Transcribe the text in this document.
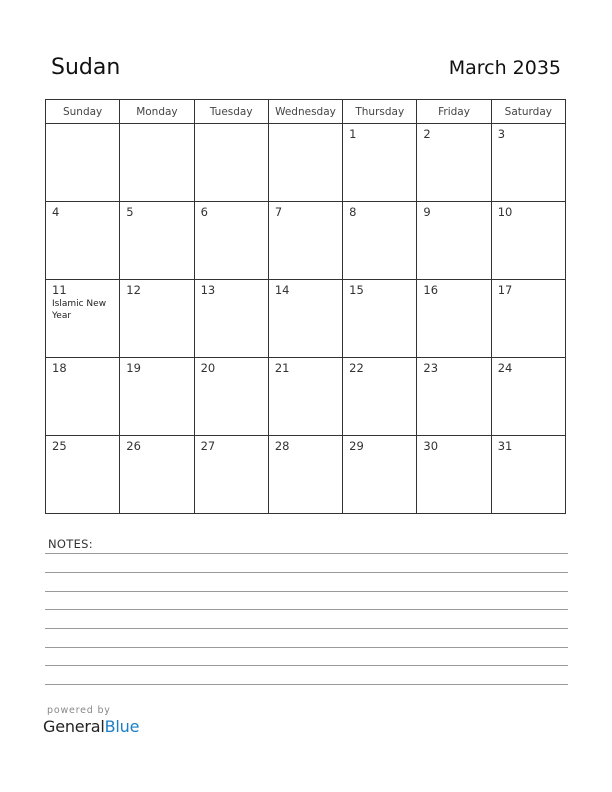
Sudan	March 2035
Sunday	Monday	Tuesday	Wednesday	Thursday	Friday	Saturday

				1	2	3

4	5	6	7	8	9	10

11
Islamic New Year	12	13	14	15	16	17

18	19	20	21	22	23	24

25	26	27	28	29	30	31
NOTES:
powered by
GeneralBlue
